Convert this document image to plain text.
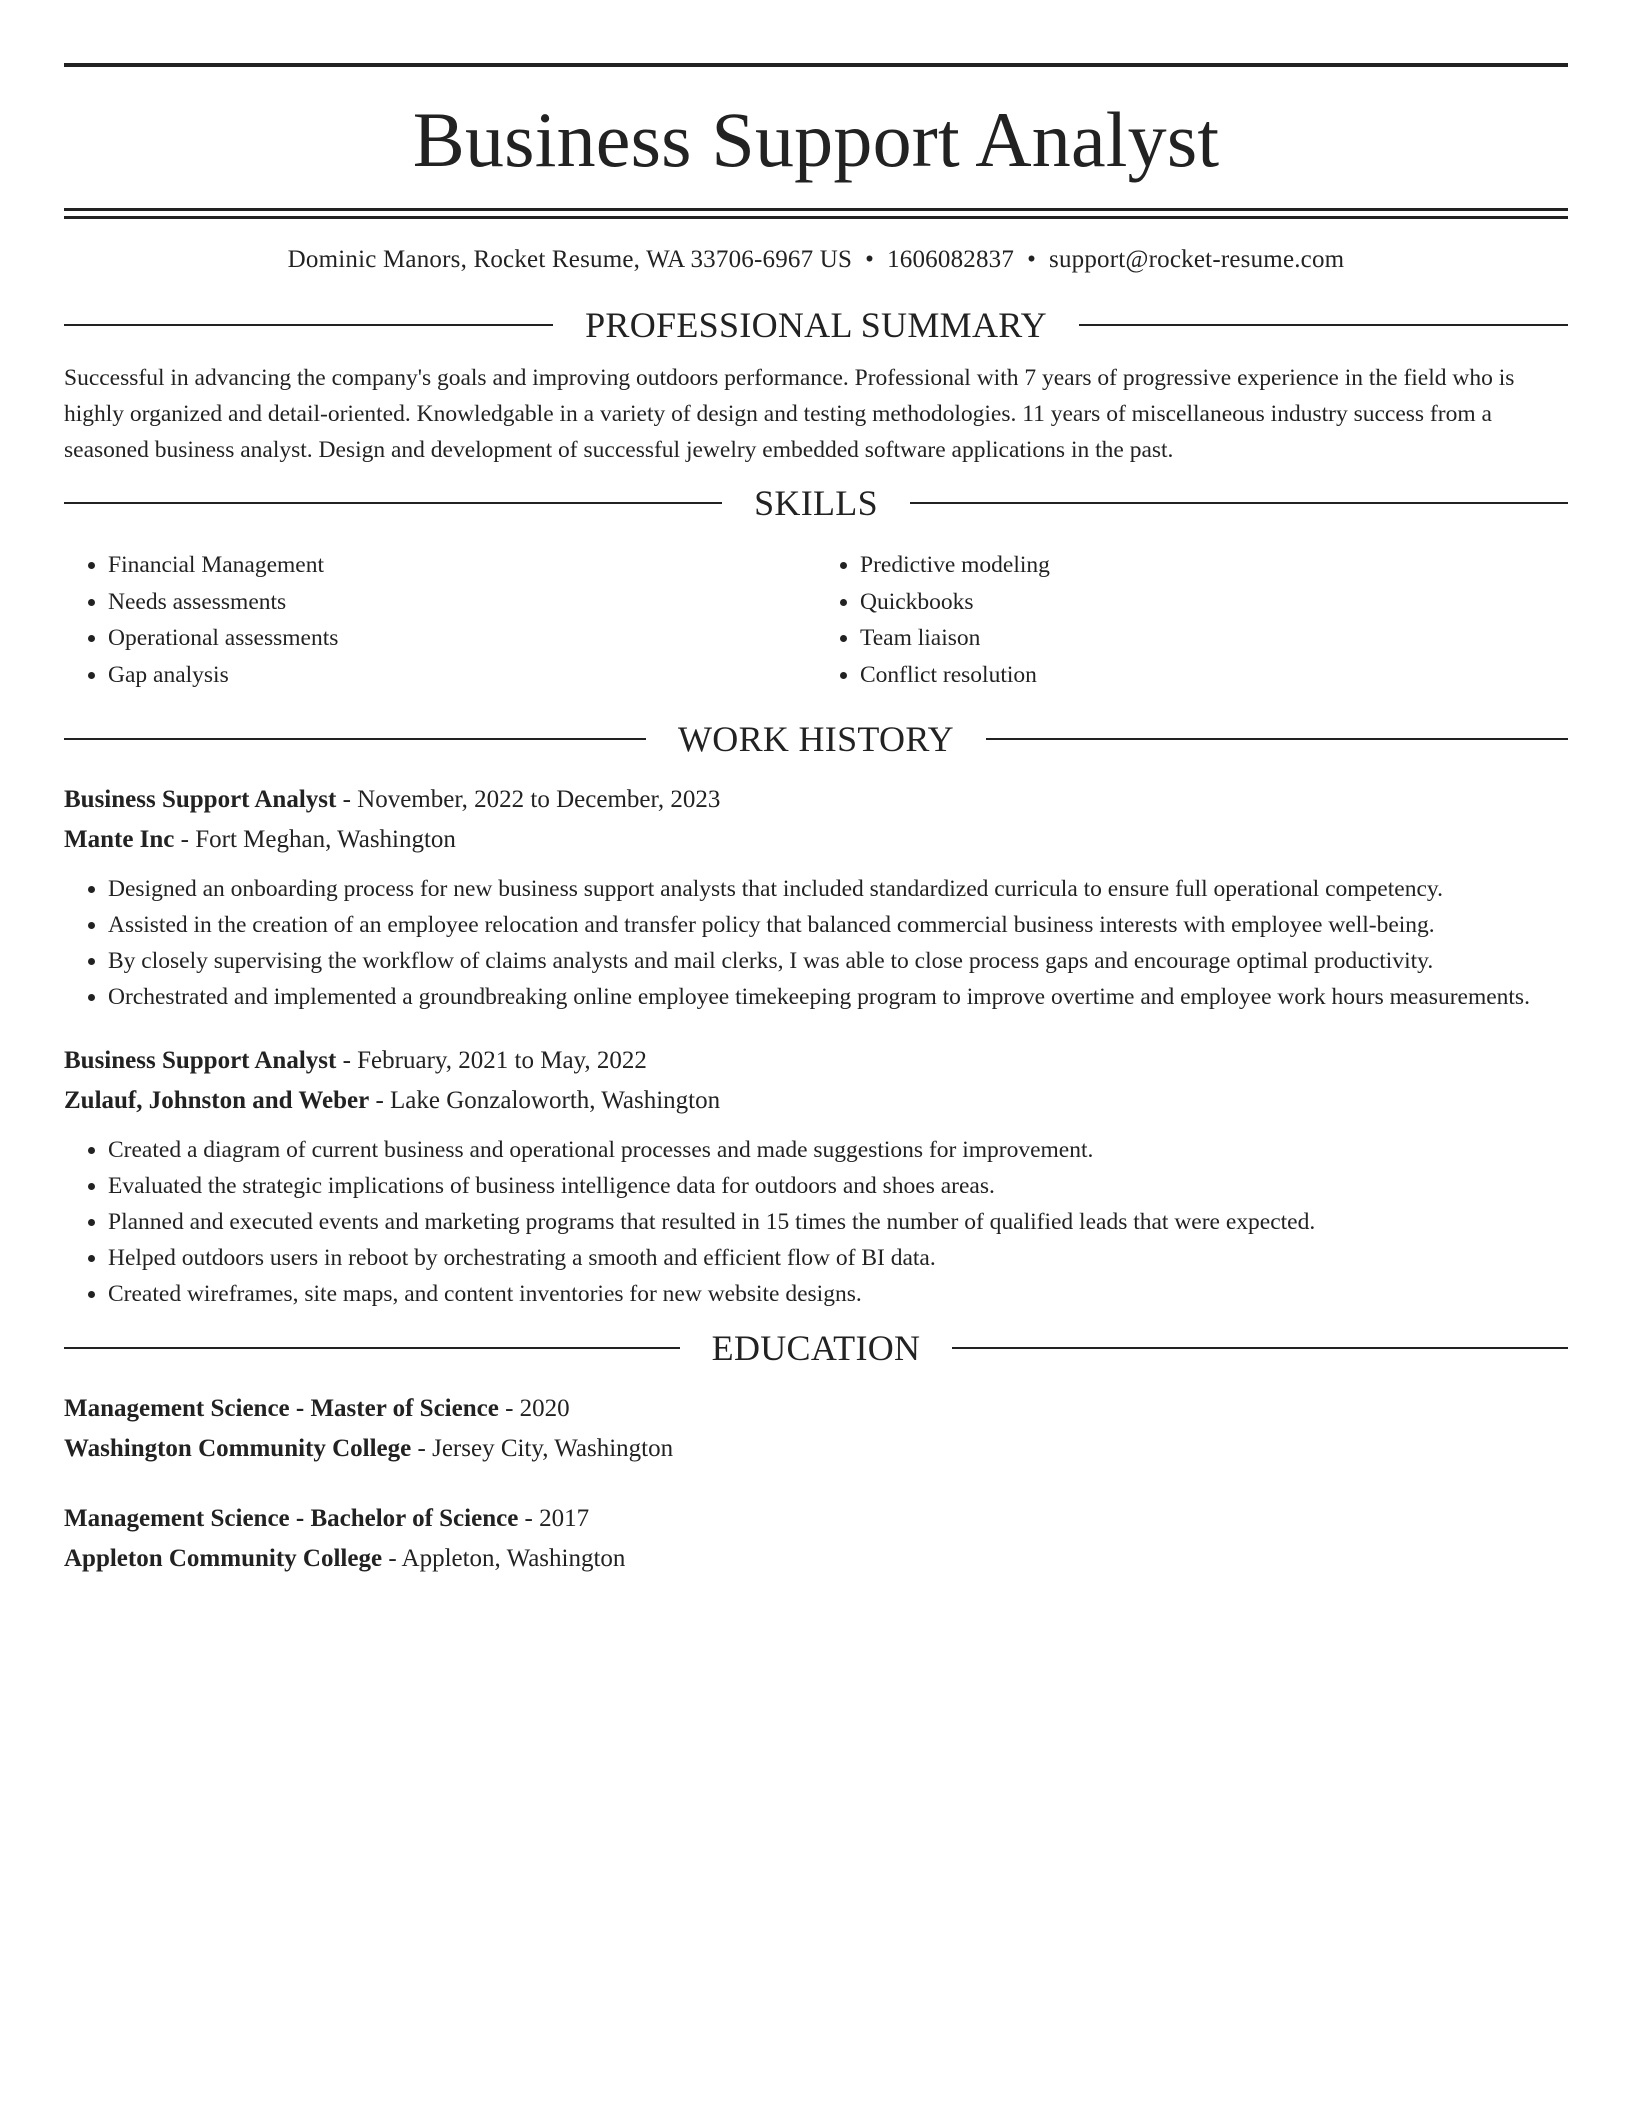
Business Support Analyst
Dominic Manors, Rocket Resume, WA 33706-6967 US • 1606082837 • support@rocket-resume.com
PROFESSIONAL SUMMARY
Successful in advancing the company's goals and improving outdoors performance. Professional with 7 years of progressive experience in the field who is highly organized and detail-oriented. Knowledgable in a variety of design and testing methodologies. 11 years of miscellaneous industry success from a seasoned business analyst. Design and development of successful jewelry embedded software applications in the past.
SKILLS
• Financial Management
• Needs assessments
• Operational assessments
• Gap analysis
• Predictive modeling
• Quickbooks
• Team liaison
• Conflict resolution
WORK HISTORY
Business Support Analyst - November, 2022 to December, 2023
Mante Inc - Fort Meghan, Washington
• Designed an onboarding process for new business support analysts that included standardized curricula to ensure full operational competency.
• Assisted in the creation of an employee relocation and transfer policy that balanced commercial business interests with employee well-being.
• By closely supervising the workflow of claims analysts and mail clerks, I was able to close process gaps and encourage optimal productivity.
• Orchestrated and implemented a groundbreaking online employee timekeeping program to improve overtime and employee work hours measurements.
Business Support Analyst - February, 2021 to May, 2022
Zulauf, Johnston and Weber - Lake Gonzaloworth, Washington
• Created a diagram of current business and operational processes and made suggestions for improvement.
• Evaluated the strategic implications of business intelligence data for outdoors and shoes areas.
• Planned and executed events and marketing programs that resulted in 15 times the number of qualified leads that were expected.
• Helped outdoors users in reboot by orchestrating a smooth and efficient flow of BI data.
• Created wireframes, site maps, and content inventories for new website designs.
EDUCATION
Management Science - Master of Science - 2020
Washington Community College - Jersey City, Washington
Management Science - Bachelor of Science - 2017
Appleton Community College - Appleton, Washington
